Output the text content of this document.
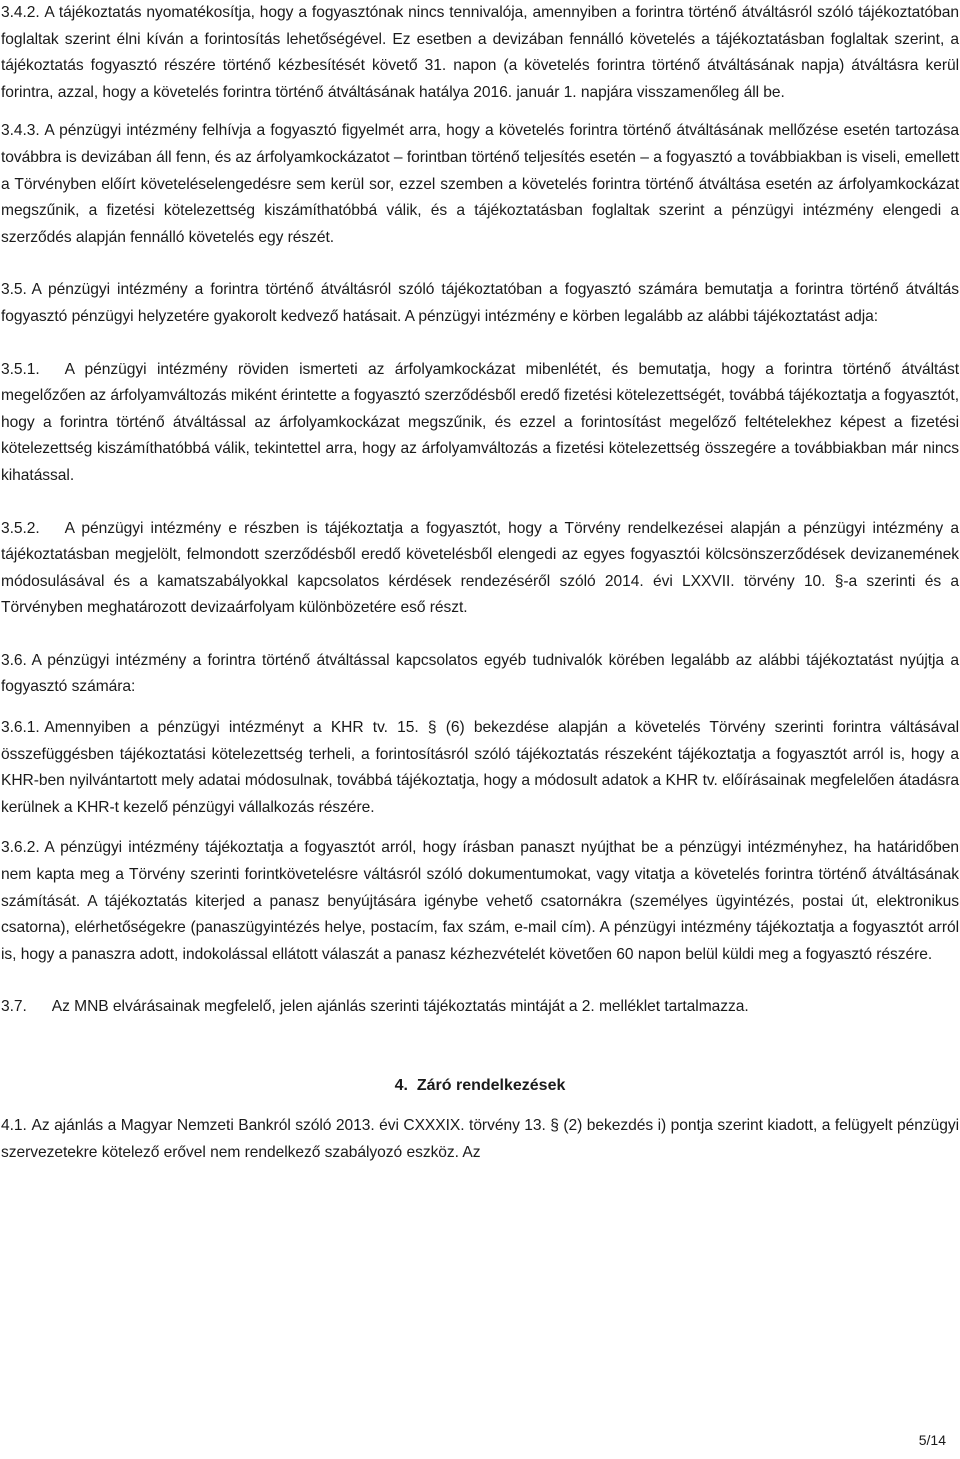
3.4.2. A tájékoztatás nyomatékosítja, hogy a fogyasztónak nincs tennivalója, amennyiben a forintra történő átváltásról szóló tájékoztatóban foglaltak szerint élni kíván a forintosítás lehetőségével. Ez esetben a devizában fennálló követelés a tájékoztatásban foglaltak szerint, a tájékoztatás fogyasztó részére történő kézbesítését követő 31. napon (a követelés forintra történő átváltásának napja) átváltásra kerül forintra, azzal, hogy a követelés forintra történő átváltásának hatálya 2016. január 1. napjára visszamenőleg áll be.

3.4.3. A pénzügyi intézmény felhívja a fogyasztó figyelmét arra, hogy a követelés forintra történő átváltásának mellőzése esetén tartozása továbbra is devizában áll fenn, és az árfolyamkockázatot – forintban történő teljesítés esetén – a fogyasztó a továbbiakban is viseli, emellett a Törvényben előírt követeléselengedésre sem kerül sor, ezzel szemben a követelés forintra történő átváltása esetén az árfolyamkockázat megszűnik, a fizetési kötelezettség kiszámíthatóbbá válik, és a tájékoztatásban foglaltak szerint a pénzügyi intézmény elengedi a szerződés alapján fennálló követelés egy részét.

3.5. A pénzügyi intézmény a forintra történő átváltásról szóló tájékoztatóban a fogyasztó számára bemutatja a forintra történő átváltás fogyasztó pénzügyi helyzetére gyakorolt kedvező hatásait. A pénzügyi intézmény e körben legalább az alábbi tájékoztatást adja:

3.5.1. A pénzügyi intézmény röviden ismerteti az árfolyamkockázat mibenlétét, és bemutatja, hogy a forintra történő átváltást megelőzően az árfolyamváltozás miként érintette a fogyasztó szerződésből eredő fizetési kötelezettségét, továbbá tájékoztatja a fogyasztót, hogy a forintra történő átváltással az árfolyamkockázat megszűnik, és ezzel a forintosítást megelőző feltételekhez képest a fizetési kötelezettség kiszámíthatóbbá válik, tekintettel arra, hogy az árfolyamváltozás a fizetési kötelezettség összegére a továbbiakban már nincs kihatással.

3.5.2. A pénzügyi intézmény e részben is tájékoztatja a fogyasztót, hogy a Törvény rendelkezései alapján a pénzügyi intézmény a tájékoztatásban megjelölt, felmondott szerződésből eredő követelésből elengedi az egyes fogyasztói kölcsönszerződések devizanemének módosulásával és a kamatszabályokkal kapcsolatos kérdések rendezéséről szóló 2014. évi LXXVII. törvény 10. §-a szerinti és a Törvényben meghatározott devizaárfolyam különbözetére eső részt.

3.6. A pénzügyi intézmény a forintra történő átváltással kapcsolatos egyéb tudnivalók körében legalább az alábbi tájékoztatást nyújtja a fogyasztó számára:

3.6.1. Amennyiben a pénzügyi intézményt a KHR tv. 15. § (6) bekezdése alapján a követelés Törvény szerinti forintra váltásával összefüggésben tájékoztatási kötelezettség terheli, a forintosításról szóló tájékoztatás részeként tájékoztatja a fogyasztót arról is, hogy a KHR-ben nyilvántartott mely adatai módosulnak, továbbá tájékoztatja, hogy a módosult adatok a KHR tv. előírásainak megfelelően átadásra kerülnek a KHR-t kezelő pénzügyi vállalkozás részére.

3.6.2. A pénzügyi intézmény tájékoztatja a fogyasztót arról, hogy írásban panaszt nyújthat be a pénzügyi intézményhez, ha határidőben nem kapta meg a Törvény szerinti forintkövetelésre váltásról szóló dokumentumokat, vagy vitatja a követelés forintra történő átváltásának számítását. A tájékoztatás kiterjed a panasz benyújtására igénybe vehető csatornákra (személyes ügyintézés, postai út, elektronikus csatorna), elérhetőségekre (panaszügyintézés helye, postacím, fax szám, e-mail cím). A pénzügyi intézmény tájékoztatja a fogyasztót arról is, hogy a panaszra adott, indokolással ellátott válaszát a panasz kézhezvételét követően 60 napon belül küldi meg a fogyasztó részére.

3.7. Az MNB elvárásainak megfelelő, jelen ajánlás szerinti tájékoztatás mintáját a 2. melléklet tartalmazza.

4. Záró rendelkezések

4.1. Az ajánlás a Magyar Nemzeti Bankról szóló 2013. évi CXXXIX. törvény 13. § (2) bekezdés i) pontja szerint kiadott, a felügyelt pénzügyi szervezetekre kötelező erővel nem rendelkező szabályozó eszköz. Az

5/14
